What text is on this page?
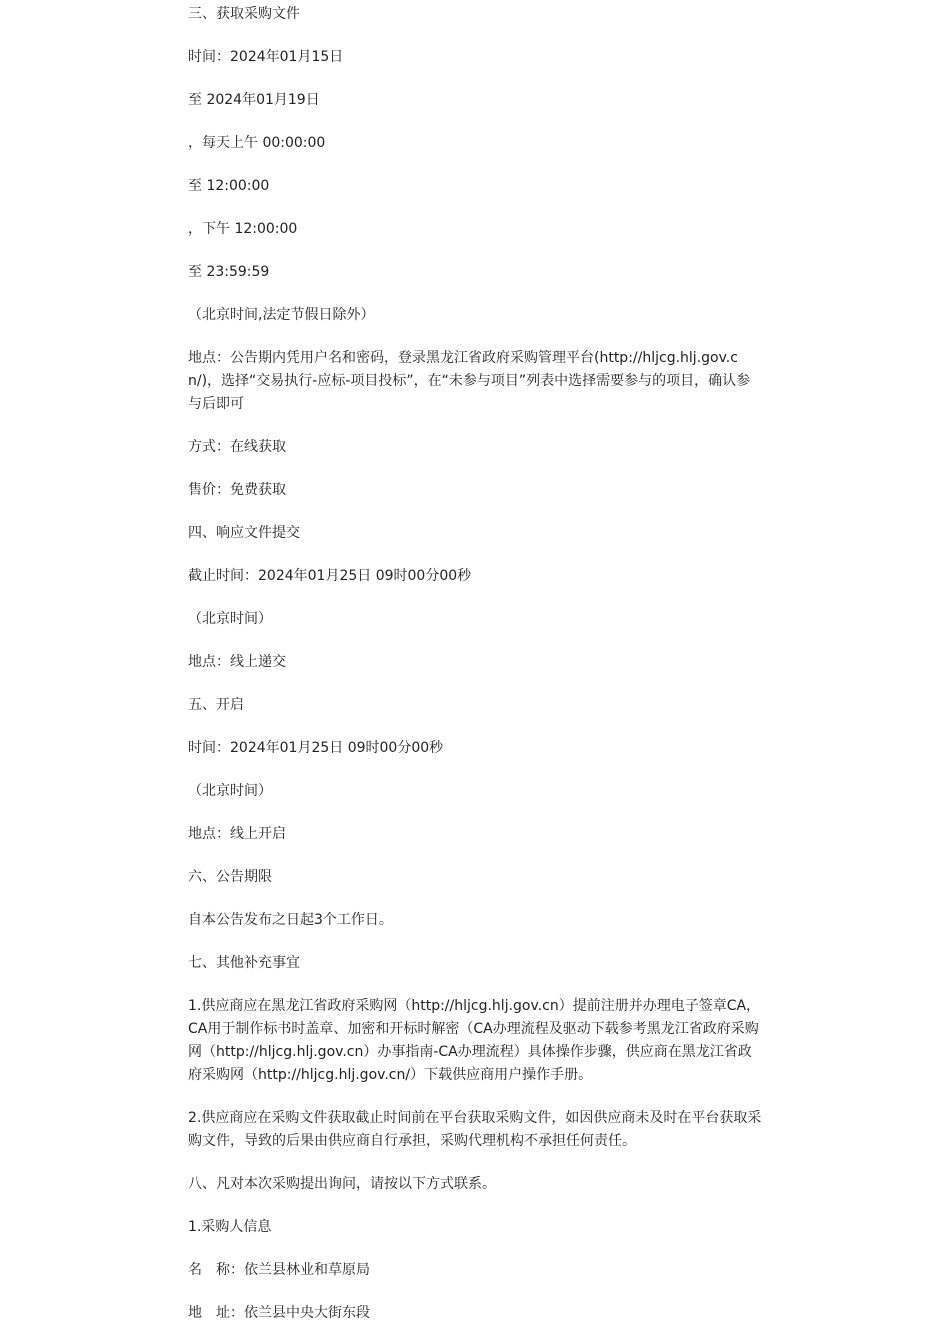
三、获取采购文件

时间：2024年01月15日

至 2024年01月19日

，每天上午 00:00:00

至 12:00:00

，下午 12:00:00

至 23:59:59

（北京时间,法定节假日除外）

地点：公告期内凭用户名和密码，登录黑龙江省政府采购管理平台(http://hljcg.hlj.gov.cn/)，选择“交易执行-应标-项目投标”，在“未参与项目”列表中选择需要参与的项目，确认参与后即可

方式：在线获取

售价：免费获取

四、响应文件提交

截止时间：2024年01月25日 09时00分00秒

（北京时间）

地点：线上递交

五、开启

时间：2024年01月25日 09时00分00秒

（北京时间）

地点：线上开启

六、公告期限

自本公告发布之日起3个工作日。

七、其他补充事宜

1.供应商应在黑龙江省政府采购网（http://hljcg.hlj.gov.cn）提前注册并办理电子签章CA，CA用于制作标书时盖章、加密和开标时解密（CA办理流程及驱动下载参考黑龙江省政府采购网（http://hljcg.hlj.gov.cn）办事指南-CA办理流程）具体操作步骤，供应商在黑龙江省政府采购网（http://hljcg.hlj.gov.cn/）下载供应商用户操作手册。

2.供应商应在采购文件获取截止时间前在平台获取采购文件，如因供应商未及时在平台获取采购文件，导致的后果由供应商自行承担，采购代理机构不承担任何责任。

八、凡对本次采购提出询问，请按以下方式联系。

1.采购人信息

名　称：依兰县林业和草原局

地　址：依兰县中央大街东段
